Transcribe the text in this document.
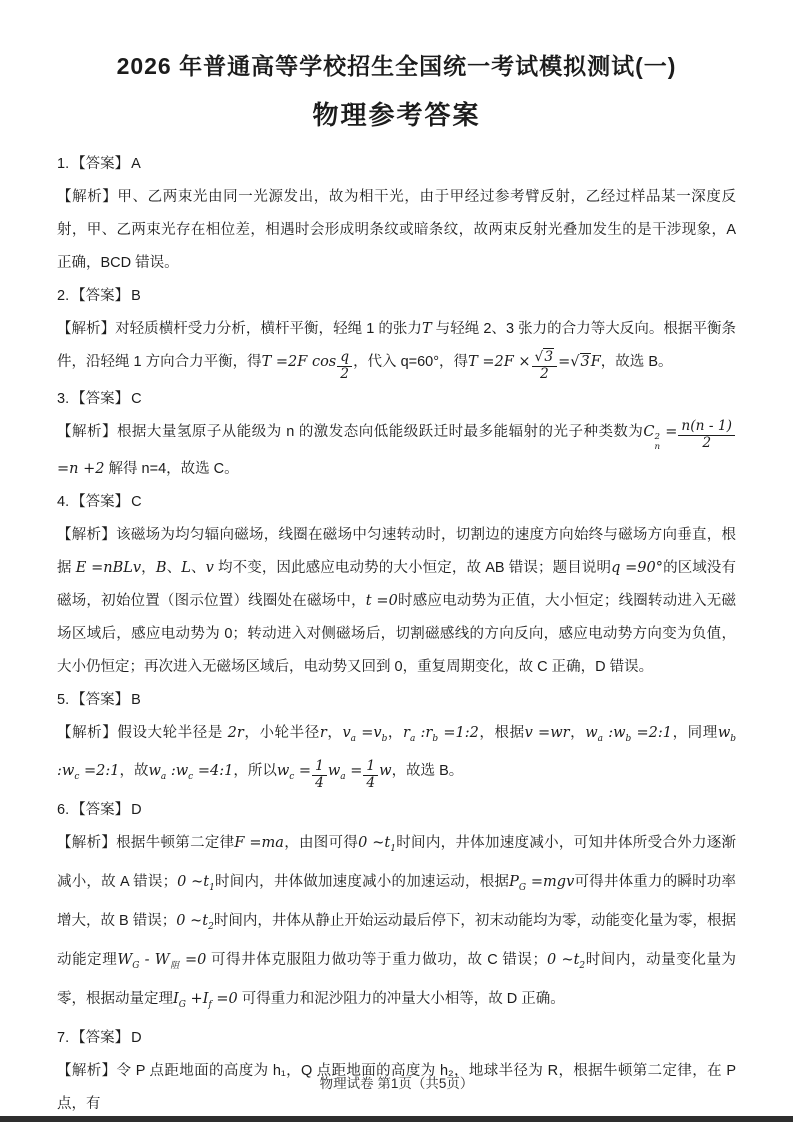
2026 年普通高等学校招生全国统一考试模拟测试(一)
物理参考答案

1. 【答案】 A

【解析】甲、乙两束光由同一光源发出，故为相干光，由于甲经过参考臂反射，乙经过样品某一深度反射，甲、乙两束光存在相位差，相遇时会形成明条纹或暗条纹，故两束反射光叠加发生的是干涉现象，A 正确，BCD 错误。

2. 【答案】 B

【解析】对轻质横杆受力分析，横杆平衡，轻绳 1 的张力T 与轻绳 2、3 张力的合力等大反向。根据平衡条件，沿轻绳 1 方向合力平衡，得T =2F $\cos \frac{q}{2}$ ，代入 q=60°，得$T =2F \times \frac{√3}{2} =√3F$，故选 B。

3. 【答案】 C

【解析】根据大量氢原子从能级为 n 的激发态向低能级跃迁时最多能辐射的光子种类数为C 2
n
= $\frac{n(n - 1)}{2} =n +2$ 解得 n=4，故选 C。

4. 【答案】 C

【解析】该磁场为均匀辐向磁场，线圈在磁场中匀速转动时，切割边的速度方向始终与磁场方向垂直，根据 E =nBLv，B、L、v 均不变，因此感应电动势的大小恒定，故 AB 错误；题目说明q =90°的区域没有磁场，初始位置（图示位置）线圈处在磁场中，t =0时感应电动势为正值，大小恒定；线圈转动进入无磁场区域后，感应电动势为 0；转动进入对侧磁场后，切割磁感线的方向反向，感应电动势方向变为负值，大小仍恒定；再次进入无磁场区域后，电动势又回到 0，重复周期变化，故 C 正确，D 错误。

5. 【答案】 B

【解析】假设大轮半径是 2r，小轮半径r，$v_a =v_b$，$r_a$ $:r_b$ =1:2，根据v =wr，$w_a$ $:w_b$ =2:1，同理$w_b$ $:w_c$ =2:1，故$w_a$ $:w_c$ =4:1，所以$w_c = \frac{1}{4} w_a = \frac{1}{4}$ w，故选 B。

6. 【答案】 D

【解析】根据牛顿第二定律F =ma，由图可得0 $\sim t_1$时间内，井体加速度减小，可知井体所受合外力逐渐减小，故 A 错误；0 $\sim t_1$时间内，井体做加速度减小的加速运动，根据$P_G =mgv$可得井体重力的瞬时功率增大，故 B 错误；0 $\sim t_2$时间内，井体从静止开始运动最后停下，初末动能均为零，动能变化量为零，根据动能定理$W_G - W_阻 =0$ 可得井体克服阻力做功等于重力做功，故 C 错误；0 $\sim t_2$时间内，动量变化量为零，根据动量定理$I_G +I_f =0$ 可得重力和泥沙阻力的冲量大小相等，故 D 正确。

7. 【答案】 D

【解析】令 P 点距地面的高度为 h₁，Q 点距地面的高度为 h₂，地球半径为 R，根据牛顿第二定律，在 P 点，有

物理试卷 第1页（共5页）
